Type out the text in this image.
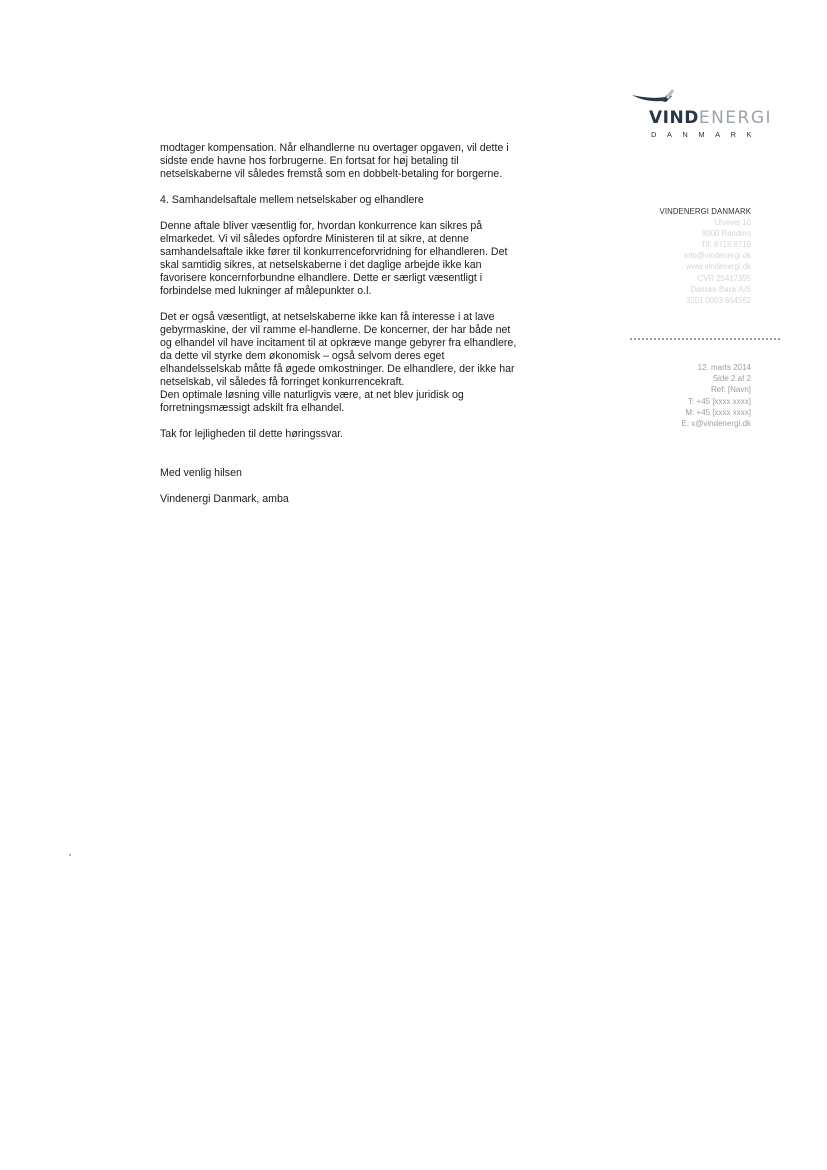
VINDENERGI
DANMARK

modtager kompensation. Når elhandlerne nu overtager opgaven, vil dette i

sidste ende havne hos forbrugerne. En fortsat for høj betaling til

netselskaberne vil således fremstå som en dobbelt-betaling for borgerne.

4. Samhandelsaftale mellem netselskaber og elhandlere

Denne aftale bliver væsentlig for, hvordan konkurrence kan sikres på

elmarkedet. Vi vil således opfordre Ministeren til at sikre, at denne

samhandelsaftale ikke fører til konkurrenceforvridning for elhandleren. Det

skal samtidig sikres, at netselskaberne i det daglige arbejde ikke kan

favorisere koncernforbundne elhandlere. Dette er særligt væsentligt i

forbindelse med lukninger af målepunkter o.l.

Det er også væsentligt, at netselskaberne ikke kan få interesse i at lave

gebyrmaskine, der vil ramme el-handlerne. De koncerner, der har både net

og elhandel vil have incitament til at opkræve mange gebyrer fra elhandlere,

da dette vil styrke dem økonomisk – også selvom deres eget

elhandelsselskab måtte få øgede omkostninger. De elhandlere, der ikke har

netselskab, vil således få forringet konkurrencekraft.

Den optimale løsning ville naturligvis være, at net blev juridisk og

forretningsmæssigt adskilt fra elhandel.

Tak for lejligheden til dette høringssvar.

Med venlig hilsen

Vindenergi Danmark, amba

VINDENERGI DANMARK
Ulvevej 10
8900 Randers
Tlf. 8716 8716
info@vindenergi.dk
www.vindenergi.dk
CVR 25417395
Danske Bank A/S
3201 0003 654562
12. marts 2014
Side 2 af 2
Ref: [Navn]
T: +45 [xxxx xxxx]
M: +45 [xxxx xxxx]
E: x@vindenergi.dk
